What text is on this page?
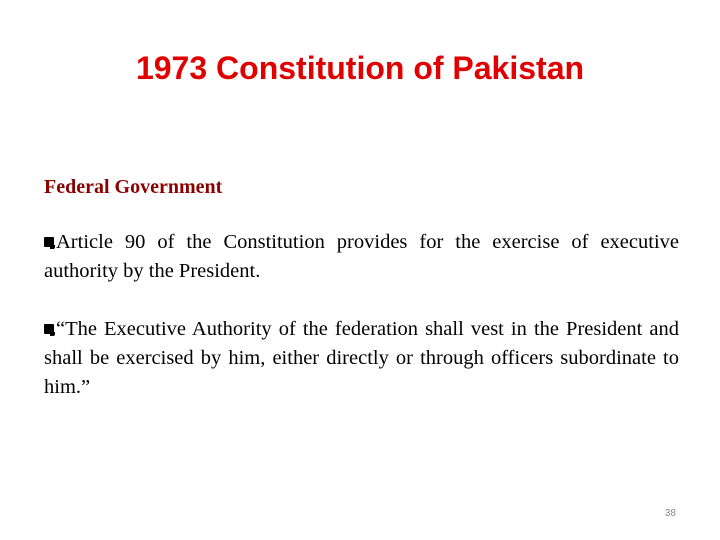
1973 Constitution of Pakistan

Federal Government

Article 90 of the Constitution provides for the exercise of executive authority by the President.

“The Executive Authority of the federation shall vest in the President and shall be exercised by him, either directly or through officers subordinate to him.”

38
